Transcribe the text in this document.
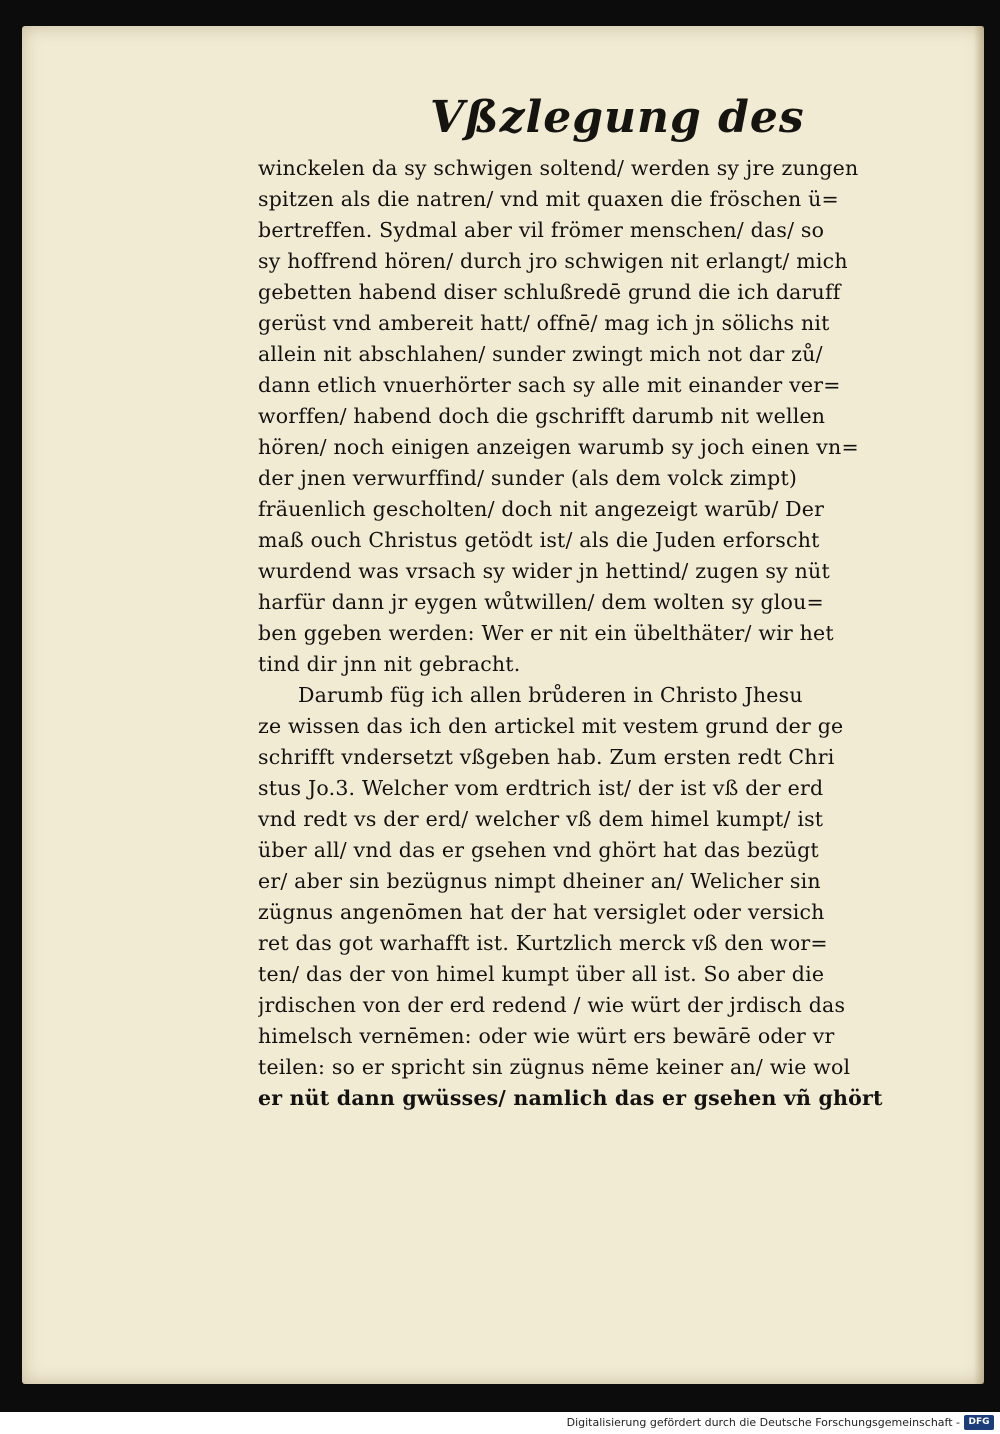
Vßzlegung des
winckelen da sy schwigen soltend/ werden sy jre zungen
spitzen als die natren/ vnd mit quaxen die fröschen ü=
bertreffen. Sydmal aber vil frömer menschen/ das/ so
sy hoffrend hören/ durch jro schwigen nit erlangt/ mich
gebetten habend diser schlußredē grund die ich daruff
gerüst vnd ambereit hatt/ offnē/ mag ich jn sölichs nit
allein nit abschlahen/ sunder zwingt mich not dar zů/
dann etlich vnuerhörter sach sy alle mit einander ver=
worffen/ habend doch die gschrifft darumb nit wellen
hören/ noch einigen anzeigen warumb sy joch einen vn=
der jnen verwurffind/ sunder (als dem volck zimpt)
fräuenlich gescholten/ doch nit angezeigt warūb/ Der
maß ouch Christus getödt ist/ als die Juden erforscht
wurdend was vrsach sy wider jn hettind/ zugen sy nüt
harfür dann jr eygen wůtwillen/ dem wolten sy glou=
ben ggeben werden: Wer er nit ein übelthäter/ wir het
tind dir jnn nit gebracht.
Darumb füg ich allen brůderen in Christo Jhesu
ze wissen das ich den artickel mit vestem grund der ge
schrifft vndersetzt vßgeben hab. Zum ersten redt Chri
stus Jo.3. Welcher vom erdtrich ist/ der ist vß der erd
vnd redt vs der erd/ welcher vß dem himel kumpt/ ist
über all/ vnd das er gsehen vnd ghört hat das bezügt
er/ aber sin bezügnus nimpt dheiner an/ Welicher sin
zügnus angenōmen hat der hat versiglet oder versich
ret das got warhafft ist. Kurtzlich merck vß den wor=
ten/ das der von himel kumpt über all ist. So aber die
jrdischen von der erd redend / wie würt der jrdisch das
himelsch vernēmen: oder wie würt ers bewārē oder vr
teilen: so er spricht sin zügnus nēme keiner an/ wie wol
er nüt dann gwüsses/ namlich das er gsehen vñ ghört
Digitalisierung gefördert durch die Deutsche Forschungsgemeinschaft - DFG
